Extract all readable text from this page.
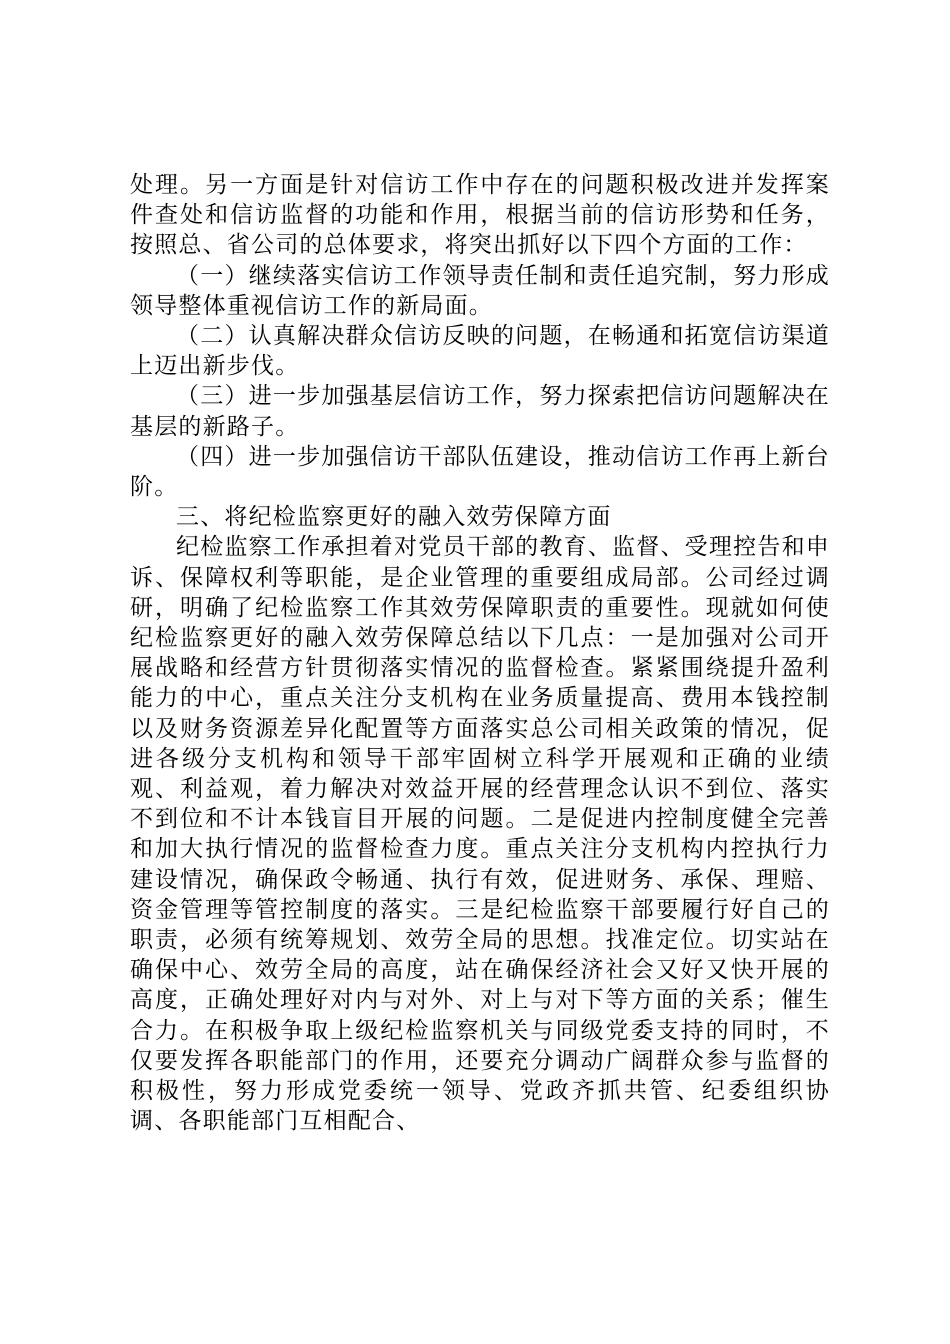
处理。另一方面是针对信访工作中存在的问题积极改进并发挥案件查处和信访监督的功能和作用，根据当前的信访形势和任务，按照总、省公司的总体要求，将突出抓好以下四个方面的工作：

（一）继续落实信访工作领导责任制和责任追究制，努力形成领导整体重视信访工作的新局面。

（二）认真解决群众信访反映的问题，在畅通和拓宽信访渠道上迈出新步伐。

（三）进一步加强基层信访工作，努力探索把信访问题解决在基层的新路子。

（四）进一步加强信访干部队伍建设，推动信访工作再上新台阶。

三、将纪检监察更好的融入效劳保障方面

纪检监察工作承担着对党员干部的教育、监督、受理控告和申诉、保障权利等职能，是企业管理的重要组成局部。公司经过调研，明确了纪检监察工作其效劳保障职责的重要性。现就如何使纪检监察更好的融入效劳保障总结以下几点：一是加强对公司开展战略和经营方针贯彻落实情况的监督检查。紧紧围绕提升盈利能力的中心，重点关注分支机构在业务质量提高、费用本钱控制以及财务资源差异化配置等方面落实总公司相关政策的情况，促进各级分支机构和领导干部牢固树立科学开展观和正确的业绩观、利益观，着力解决对效益开展的经营理念认识不到位、落实不到位和不计本钱盲目开展的问题。二是促进内控制度健全完善和加大执行情况的监督检查力度。重点关注分支机构内控执行力建设情况，确保政令畅通、执行有效，促进财务、承保、理赔、资金管理等管控制度的落实。三是纪检监察干部要履行好自己的职责，必须有统筹规划、效劳全局的思想。找准定位。切实站在确保中心、效劳全局的高度，站在确保经济社会又好又快开展的高度，正确处理好对内与对外、对上与对下等方面的关系；催生合力。在积极争取上级纪检监察机关与同级党委支持的同时，不仅要发挥各职能部门的作用，还要充分调动广阔群众参与监督的积极性，努力形成党委统一领导、党政齐抓共管、纪委组织协调、各职能部门互相配合、
